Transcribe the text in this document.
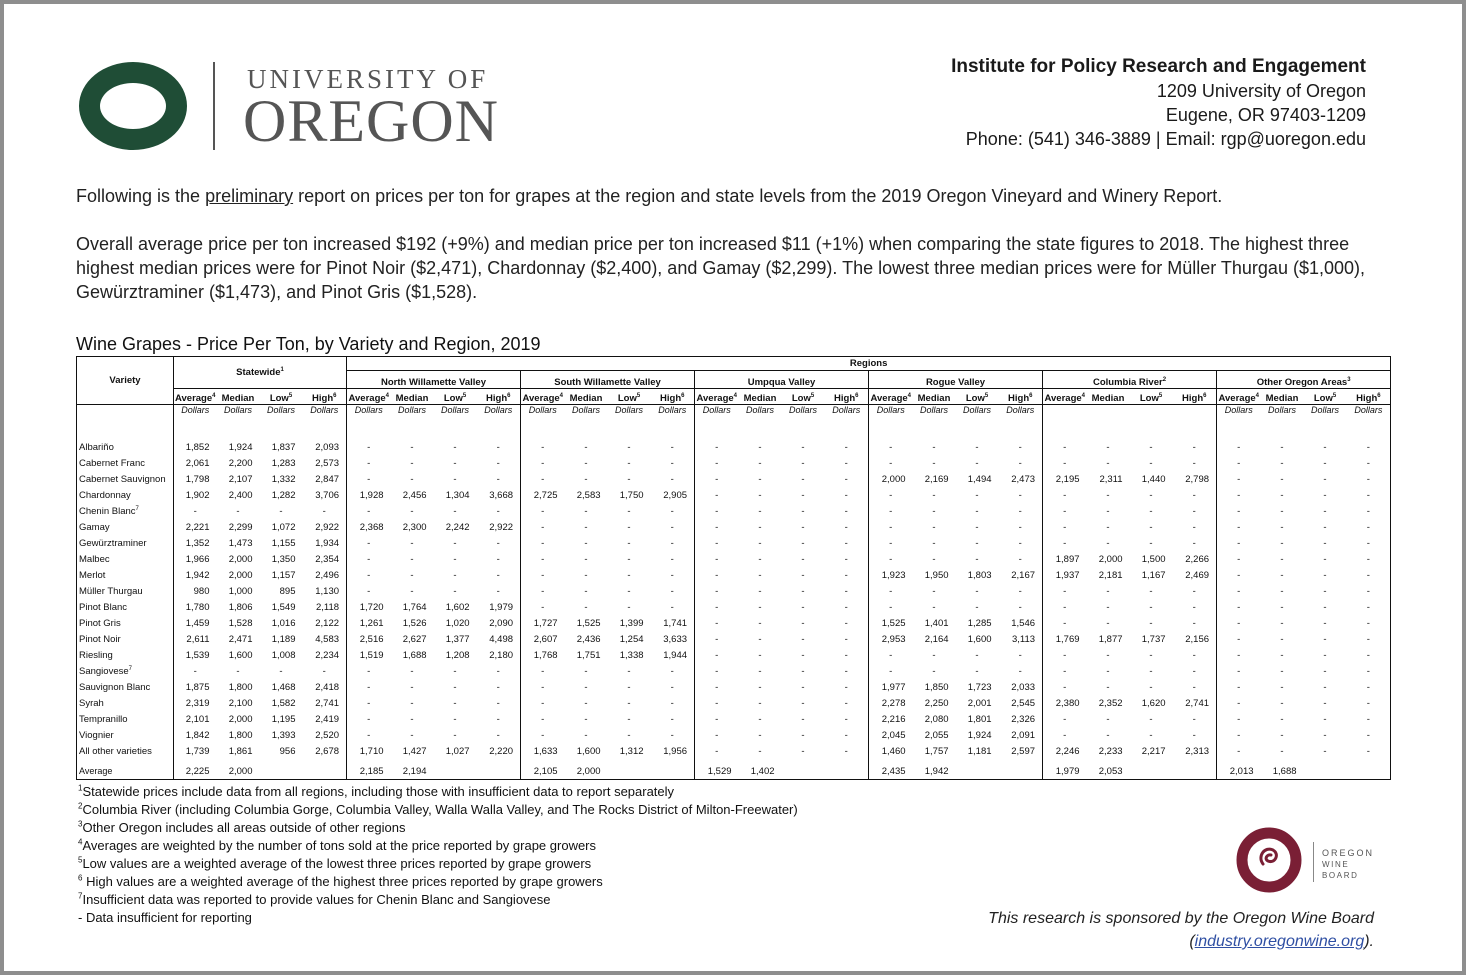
UNIVERSITY OF
OREGON
Institute for Policy Research and Engagement
1209 University of Oregon
Eugene, OR 97403-1209
Phone: (541) 346-3889 | Email: rgp@uoregon.edu

Following is the preliminary report on prices per ton for grapes at the region and state levels from the 2019 Oregon Vineyard and Winery Report.

Overall average price per ton increased $192 (+9%) and median price per ton increased $11 (+1%) when comparing the state figures to 2018. The highest three highest median prices were for Pinot Noir ($2,471), Chardonnay ($2,400), and Gamay ($2,299). The lowest three median prices were for Müller Thurgau ($1,000), Gewürztraminer ($1,473), and Pinot Gris ($1,528).

Wine Grapes - Price Per Ton, by Variety and Region, 2019
Variety	Statewide$^1$				Regions																							
					North Willamette Valley				South Willamette Valley				Umpqua Valley				Rogue Valley				Columbia River$^2$				Other Oregon Areas$^3$
	Average$^4$	Median	Low$^5$	High$^6$	Average$^4$	Median	Low$^5$	High$^6$	Average$^4$	Median	Low$^5$	High$^6$	Average$^4$	Median	Low$^5$	High$^6$	Average$^4$	Median	Low$^5$	High$^6$	Average$^4$	Median	Low$^5$	High$^6$	Average$^4$	Median	Low$^5$	High$^6$
	Dollars	Dollars	Dollars	Dollars	Dollars	Dollars	Dollars	Dollars	Dollars	Dollars	Dollars	Dollars	Dollars	Dollars	Dollars	Dollars	Dollars	Dollars	Dollars	Dollars					Dollars	Dollars	Dollars	Dollars

Albariño	1,852	1,924	1,837	2,093	-	-	-	-	-	-	-	-	-	-	-	-	-	-	-	-	-	-	-	-	-	-	-	-
Cabernet Franc	2,061	2,200	1,283	2,573	-	-	-	-	-	-	-	-	-	-	-	-	-	-	-	-	-	-	-	-	-	-	-	-
Cabernet Sauvignon	1,798	2,107	1,332	2,847	-	-	-	-	-	-	-	-	-	-	-	-	2,000	2,169	1,494	2,473	2,195	2,311	1,440	2,798	-	-	-	-
Chardonnay	1,902	2,400	1,282	3,706	1,928	2,456	1,304	3,668	2,725	2,583	1,750	2,905	-	-	-	-	-	-	-	-	-	-	-	-	-	-	-	-
Chenin Blanc$^7$	-	-	-	-	-	-	-	-	-	-	-	-	-	-	-	-	-	-	-	-	-	-	-	-	-	-	-	-
Gamay	2,221	2,299	1,072	2,922	2,368	2,300	2,242	2,922	-	-	-	-	-	-	-	-	-	-	-	-	-	-	-	-	-	-	-	-
Gewürztraminer	1,352	1,473	1,155	1,934	-	-	-	-	-	-	-	-	-	-	-	-	-	-	-	-	-	-	-	-	-	-	-	-
Malbec	1,966	2,000	1,350	2,354	-	-	-	-	-	-	-	-	-	-	-	-	-	-	-	-	1,897	2,000	1,500	2,266	-	-	-	-
Merlot	1,942	2,000	1,157	2,496	-	-	-	-	-	-	-	-	-	-	-	-	1,923	1,950	1,803	2,167	1,937	2,181	1,167	2,469	-	-	-	-
Müller Thurgau	980	1,000	895	1,130	-	-	-	-	-	-	-	-	-	-	-	-	-	-	-	-	-	-	-	-	-	-	-	-
Pinot Blanc	1,780	1,806	1,549	2,118	1,720	1,764	1,602	1,979	-	-	-	-	-	-	-	-	-	-	-	-	-	-	-	-	-	-	-	-
Pinot Gris	1,459	1,528	1,016	2,122	1,261	1,526	1,020	2,090	1,727	1,525	1,399	1,741	-	-	-	-	1,525	1,401	1,285	1,546	-	-	-	-	-	-	-	-
Pinot Noir	2,611	2,471	1,189	4,583	2,516	2,627	1,377	4,498	2,607	2,436	1,254	3,633	-	-	-	-	2,953	2,164	1,600	3,113	1,769	1,877	1,737	2,156	-	-	-	-
Riesling	1,539	1,600	1,008	2,234	1,519	1,688	1,208	2,180	1,768	1,751	1,338	1,944	-	-	-	-	-	-	-	-	-	-	-	-	-	-	-	-
Sangiovese$^7$	-	-	-	-	-	-	-	-	-	-	-	-	-	-	-	-	-	-	-	-	-	-	-	-	-	-	-	-
Sauvignon Blanc	1,875	1,800	1,468	2,418	-	-	-	-	-	-	-	-	-	-	-	-	1,977	1,850	1,723	2,033	-	-	-	-	-	-	-	-
Syrah	2,319	2,100	1,582	2,741	-	-	-	-	-	-	-	-	-	-	-	-	2,278	2,250	2,001	2,545	2,380	2,352	1,620	2,741	-	-	-	-
Tempranillo	2,101	2,000	1,195	2,419	-	-	-	-	-	-	-	-	-	-	-	-	2,216	2,080	1,801	2,326	-	-	-	-	-	-	-	-
Viognier	1,842	1,800	1,393	2,520	-	-	-	-	-	-	-	-	-	-	-	-	2,045	2,055	1,924	2,091	-	-	-	-	-	-	-	-
All other varieties	1,739	1,861	956	2,678	1,710	1,427	1,027	2,220	1,633	1,600	1,312	1,956	-	-	-	-	1,460	1,757	1,181	2,597	2,246	2,233	2,217	2,313	-	-	-	-

Average	2,225	2,000			2,185	2,194			2,105	2,000			1,529	1,402			2,435	1,942			1,979	2,053			2,013	1,688		
$^1$Statewide prices include data from all regions, including those with insufficient data to report separately
$^2$Columbia River (including Columbia Gorge, Columbia Valley, Walla Walla Valley, and The Rocks District of Milton-Freewater)
$^3$Other Oregon includes all areas outside of other regions
$^4$Averages are weighted by the number of tons sold at the price reported by grape growers
$^5$Low values are a weighted average of the lowest three prices reported by grape growers
$^6$ High values are a weighted average of the highest three prices reported by grape growers
$^7$Insufficient data was reported to provide values for Chenin Blanc and Sangiovese
- Data insufficient for reporting
OREGON
WINE
BOARD
This research is sponsored by the Oregon Wine Board
(industry.oregonwine.org).
